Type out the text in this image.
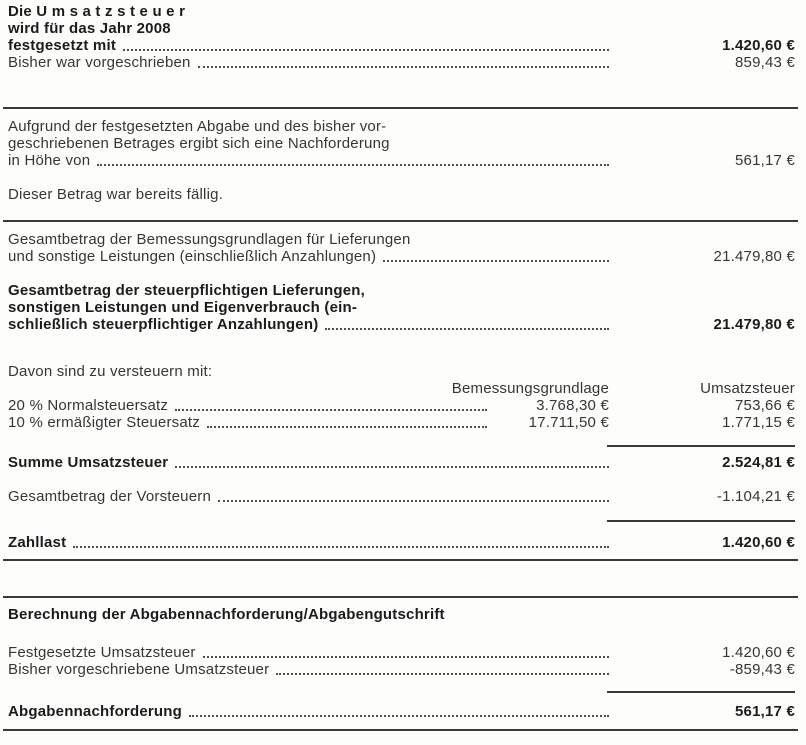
Die U m s a t z s t e u e r
wird für das Jahr 2008
festgesetzt mit	1.420,60 €
Bisher war vorgeschrieben	859,43 €
Aufgrund der festgesetzten Abgabe und des bisher vor-
geschriebenen Betrages ergibt sich eine Nachforderung
in Höhe von	561,17 €
Dieser Betrag war bereits fällig.
Gesamtbetrag der Bemessungsgrundlagen für Lieferungen
und sonstige Leistungen (einschließlich Anzahlungen)	21.479,80 €
Gesamtbetrag der steuerpflichtigen Lieferungen,
sonstigen Leistungen und Eigenverbrauch (ein-
schließlich steuerpflichtiger Anzahlungen)	21.479,80 €
Davon sind zu versteuern mit:
Bemessungsgrundlage	Umsatzsteuer
20 % Normalsteuersatz	3.768,30 €	753,66 €
10 % ermäßigter Steuersatz	17.711,50 €	1.771,15 €
Summe Umsatzsteuer	2.524,81 €
Gesamtbetrag der Vorsteuern	-1.104,21 €
Zahllast	1.420,60 €
Berechnung der Abgabennachforderung/Abgabengutschrift
Festgesetzte Umsatzsteuer	1.420,60 €
Bisher vorgeschriebene Umsatzsteuer	-859,43 €
Abgabennachforderung	561,17 €
